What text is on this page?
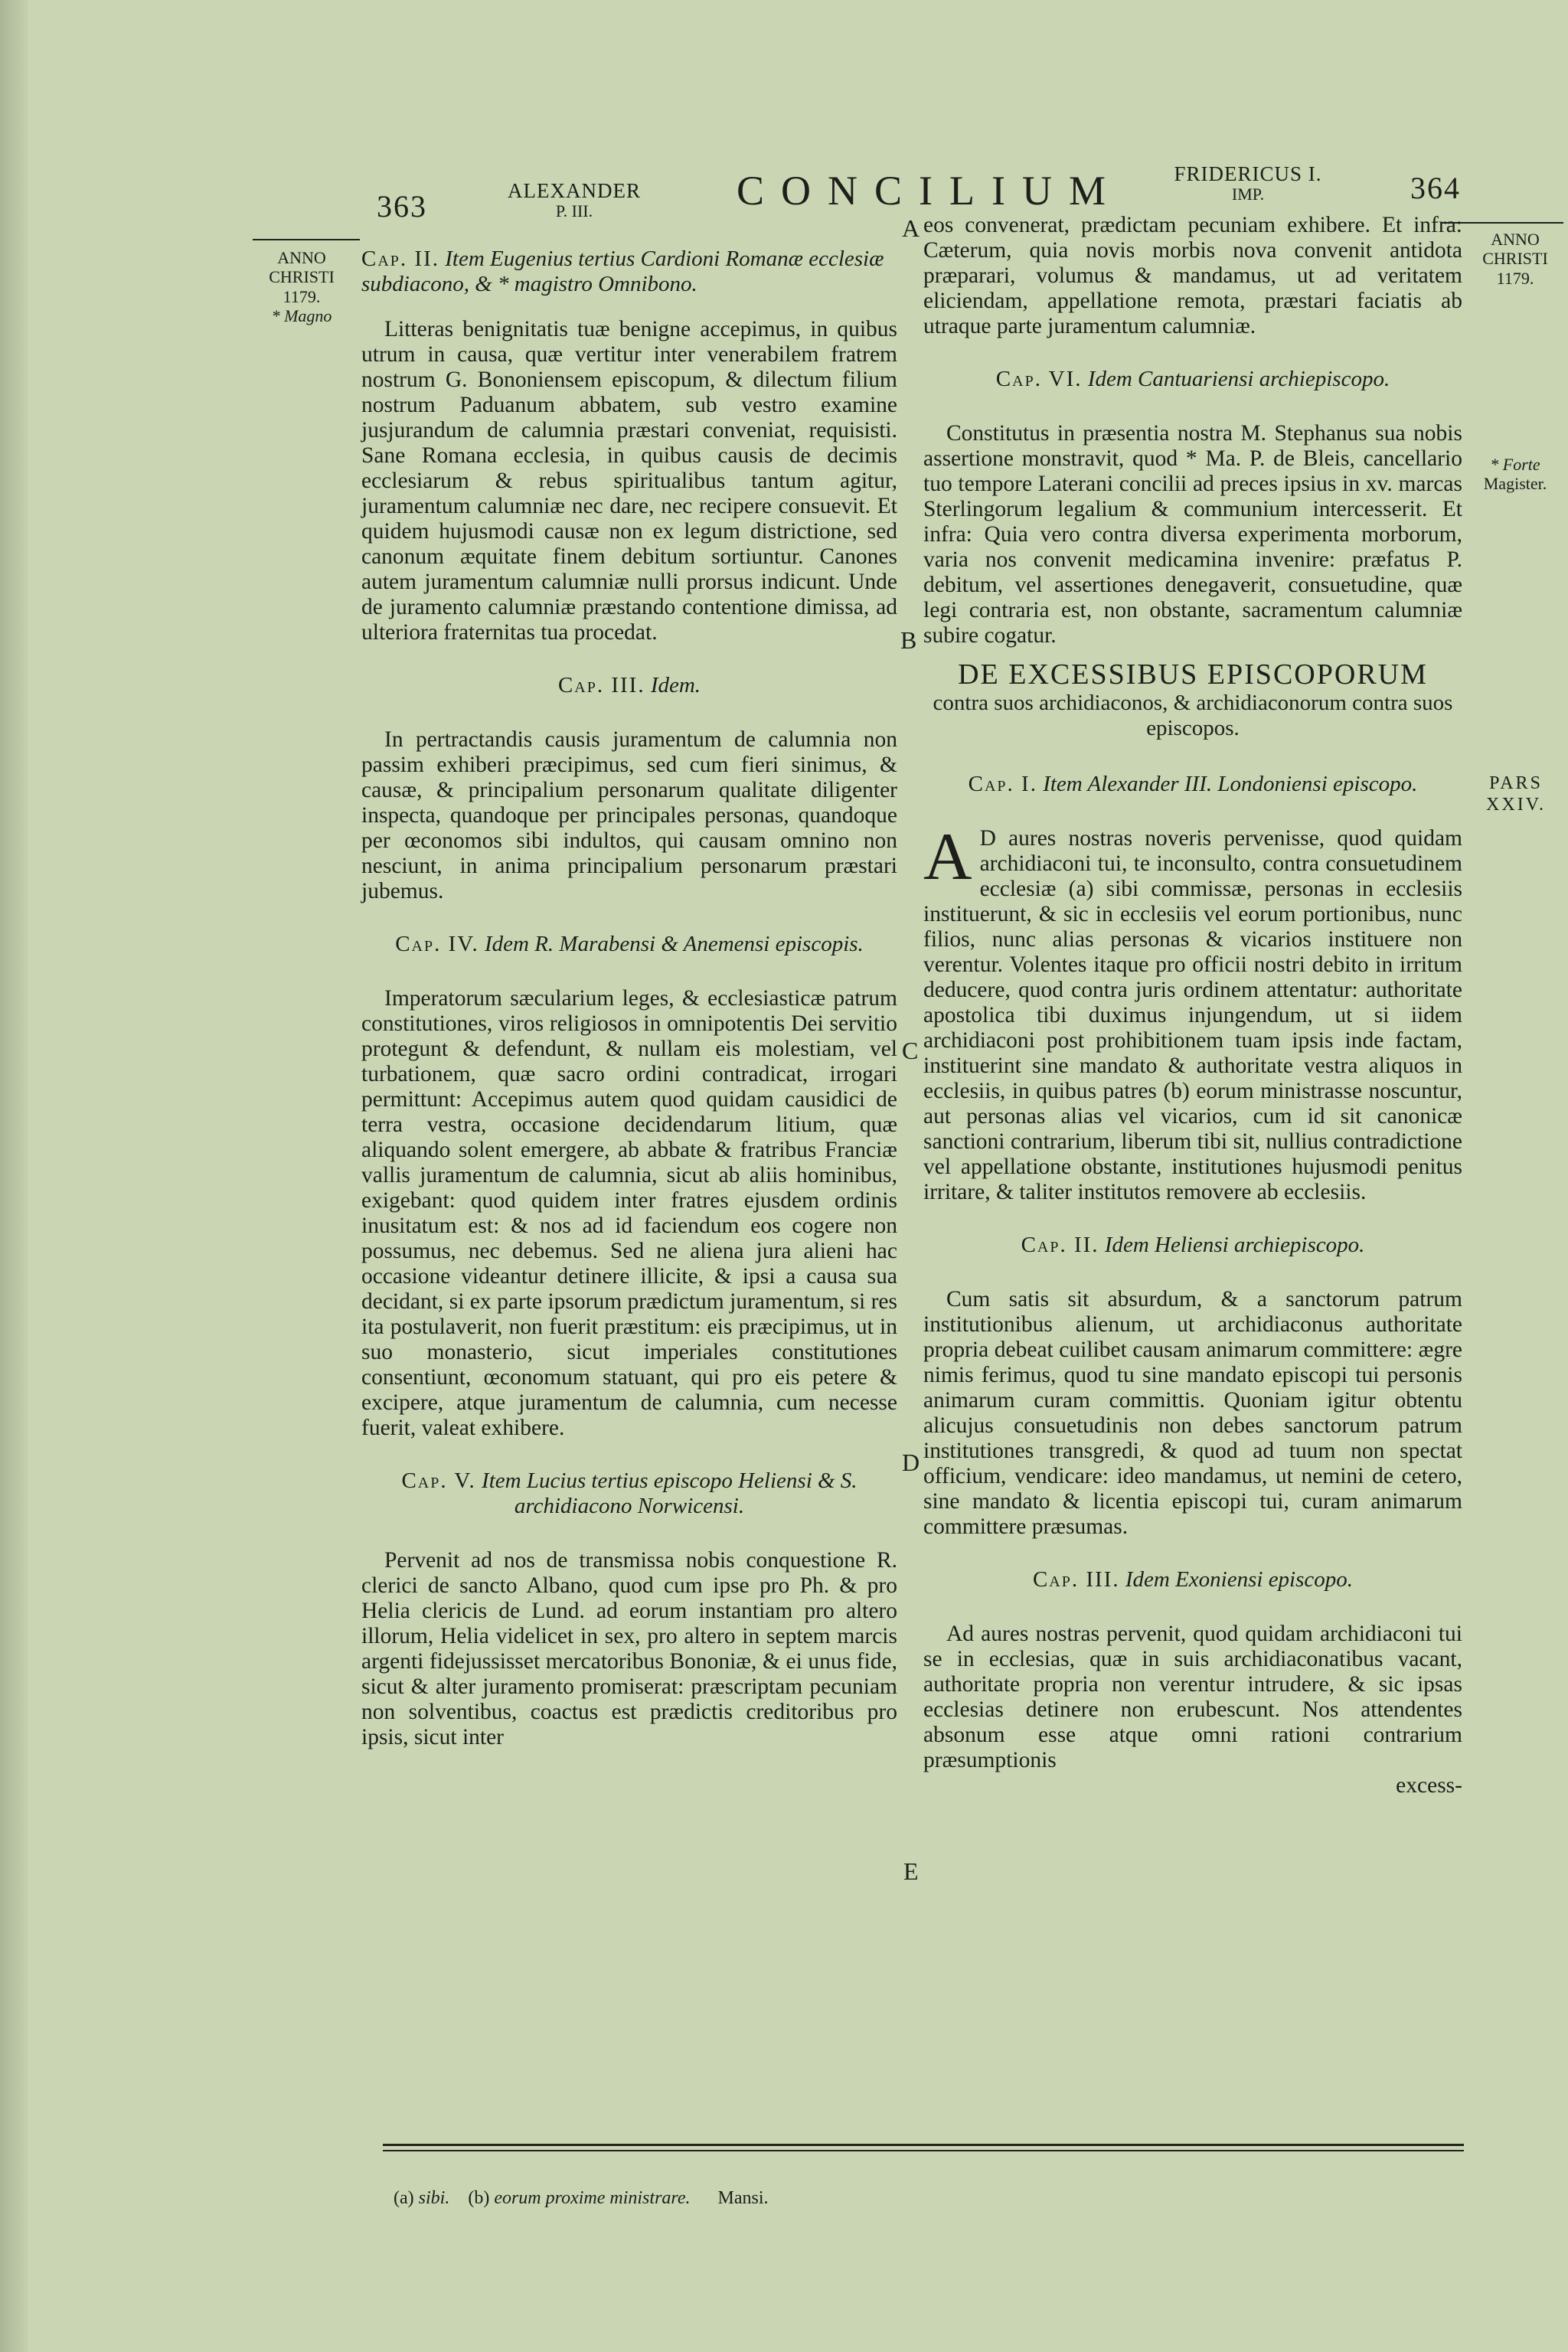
363	ALEXANDER
P. III.	CONCILIUM FRIDERICUS I.
IMP.	364
ANNO
CHRISTI
1179.
* Magno
ANNO
CHRISTI
1179.
* Forte
Magister.
PARS
XXIV.
A
B
C
D
E
Cap. II. Item Eugenius tertius Cardioni Romanæ ecclesiæ subdiacono, & * magistro Omnibono.

Litteras benignitatis tuæ benigne accepimus, in quibus utrum in causa, quæ vertitur inter venerabilem fratrem nostrum G. Bononiensem episcopum, & dilectum filium nostrum Paduanum abbatem, sub vestro examine jusjurandum de calumnia præstari conveniat, requisisti. Sane Romana ecclesia, in quibus causis de decimis ecclesiarum & rebus spiritualibus tantum agitur, juramentum calumniæ nec dare, nec recipere consuevit. Et quidem hujusmodi causæ non ex legum districtione, sed canonum æquitate finem debitum sortiuntur. Canones autem juramentum calumniæ nulli prorsus indicunt. Unde de juramento calumniæ præstando contentione dimissa, ad ulteriora fraternitas tua procedat.

Cap. III. Idem.

In pertractandis causis juramentum de calumnia non passim exhiberi præcipimus, sed cum fieri sinimus, & causæ, & principalium personarum qualitate diligenter inspecta, quandoque per principales personas, quandoque per œconomos sibi indultos, qui causam omnino non nesciunt, in anima principalium personarum præstari jubemus.

Cap. IV. Idem R. Marabensi & Anemensi episcopis.

Imperatorum sæcularium leges, & ecclesiasticæ patrum constitutiones, viros religiosos in omnipotentis Dei servitio protegunt & defendunt, & nullam eis molestiam, vel turbationem, quæ sacro ordini contradicat, irrogari permittunt: Accepimus autem quod quidam causidici de terra vestra, occasione decidendarum litium, quæ aliquando solent emergere, ab abbate & fratribus Franciæ vallis juramentum de calumnia, sicut ab aliis hominibus, exigebant: quod quidem inter fratres ejusdem ordinis inusitatum est: & nos ad id faciendum eos cogere non possumus, nec debemus. Sed ne aliena jura alieni hac occasione videantur detinere illicite, & ipsi a causa sua decidant, si ex parte ipsorum prædictum juramentum, si res ita postulaverit, non fuerit præstitum: eis præcipimus, ut in suo monasterio, sicut imperiales constitutiones consentiunt, œconomum statuant, qui pro eis petere & excipere, atque juramentum de calumnia, cum necesse fuerit, valeat exhibere.

Cap. V. Item Lucius tertius episcopo Heliensi & S. archidiacono Norwicensi.

Pervenit ad nos de transmissa nobis conquestione R. clerici de sancto Albano, quod cum ipse pro Ph. & pro Helia clericis de Lund. ad eorum instantiam pro altero illorum, Helia videlicet in sex, pro altero in septem marcis argenti fidejussisset mercatoribus Bononiæ, & ei unus fide, sicut & alter juramento promiserat: præscriptam pecuniam non solventibus, coactus est prædictis creditoribus pro ipsis, sicut inter

eos convenerat, prædictam pecuniam exhibere. Et infra: Cæterum, quia novis morbis nova convenit antidota præparari, volumus & mandamus, ut ad veritatem eliciendam, appellatione remota, præstari faciatis ab utraque parte juramentum calumniæ.

Cap. VI. Idem Cantuariensi archiepiscopo.

Constitutus in præsentia nostra M. Stephanus sua nobis assertione monstravit, quod * Ma. P. de Bleis, cancellario tuo tempore Laterani concilii ad preces ipsius in xv. marcas Sterlingorum legalium & communium intercesserit. Et infra: Quia vero contra diversa experimenta morborum, varia nos convenit medicamina invenire: præfatus P. debitum, vel assertiones denegaverit, consuetudine, quæ legi contraria est, non obstante, sacramentum calumniæ subire cogatur.

DE EXCESSIBUS EPISCOPORUM
contra suos archidiaconos, & archidiaconorum contra suos episcopos.
Cap. I. Item Alexander III. Londoniensi episcopo.

A D aures nostras noveris pervenisse, quod quidam archidiaconi tui, te inconsulto, contra consuetudinem ecclesiæ (a) sibi commissæ, personas in ecclesiis instituerunt, & sic in ecclesiis vel eorum portionibus, nunc filios, nunc alias personas & vicarios instituere non verentur. Volentes itaque pro officii nostri debito in irritum deducere, quod contra juris ordinem attentatur: authoritate apostolica tibi duximus injungendum, ut si iidem archidiaconi post prohibitionem tuam ipsis inde factam, instituerint sine mandato & authoritate vestra aliquos in ecclesiis, in quibus patres (b) eorum ministrasse noscuntur, aut personas alias vel vicarios, cum id sit canonicæ sanctioni contrarium, liberum tibi sit, nullius contradictione vel appellatione obstante, institutiones hujusmodi penitus irritare, & taliter institutos removere ab ecclesiis.

Cap. II. Idem Heliensi archiepiscopo.

Cum satis sit absurdum, & a sanctorum patrum institutionibus alienum, ut archidiaconus authoritate propria debeat cuilibet causam animarum committere: ægre nimis ferimus, quod tu sine mandato episcopi tui personis animarum curam committis. Quoniam igitur obtentu alicujus consuetudinis non debes sanctorum patrum institutiones transgredi, & quod ad tuum non spectat officium, vendicare: ideo mandamus, ut nemini de cetero, sine mandato & licentia episcopi tui, curam animarum committere præsumas.

Cap. III. Idem Exoniensi episcopo.

Ad aures nostras pervenit, quod quidam archidiaconi tui se in ecclesias, quæ in suis archidiaconatibus vacant, authoritate propria non verentur intrudere, & sic ipsas ecclesias detinere non erubescunt. Nos attendentes absonum esse atque omni rationi contrarium præsumptionis

excess-
(a) sibi. (b) eorum proxime ministrare. Mansi.
